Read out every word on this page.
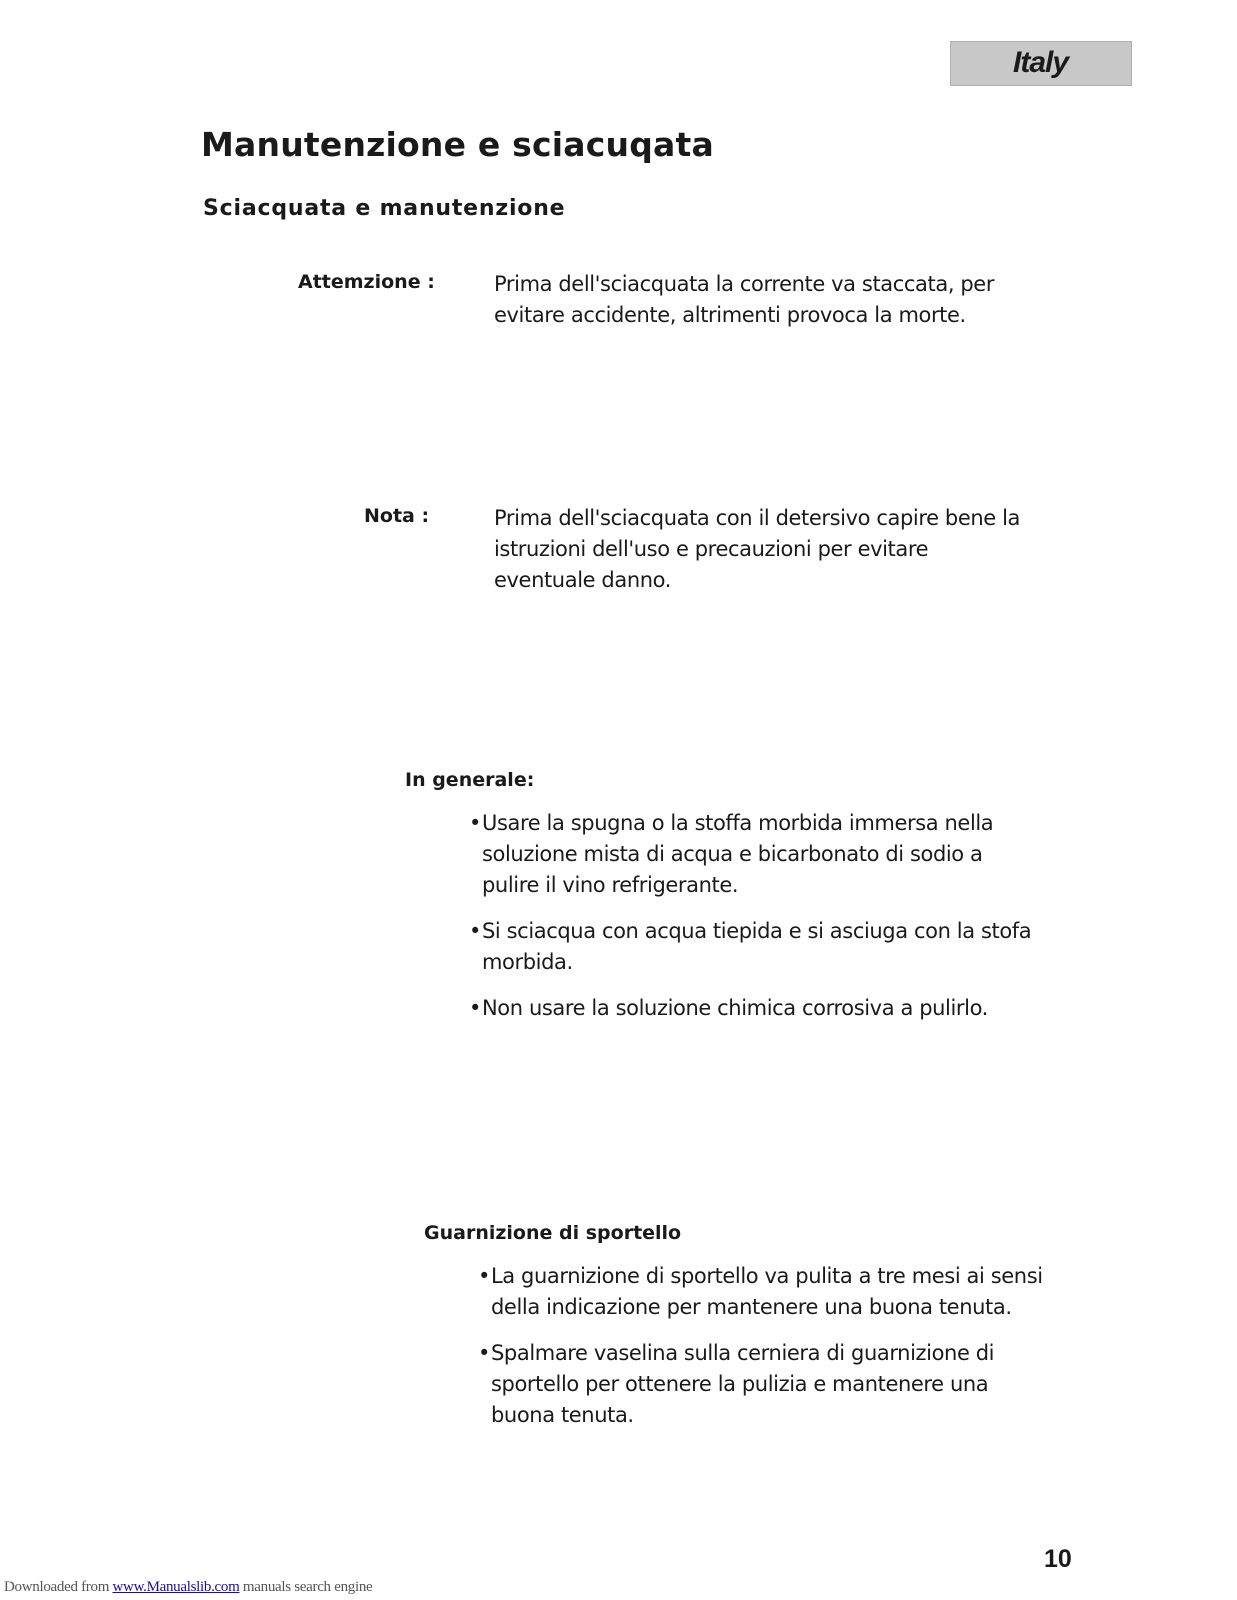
Italy
Manutenzione e sciacuqata
Sciacquata e manutenzione
Attemzione :	Prima dell'sciacquata la corrente va staccata, per evitare accidente, altrimenti provoca la morte.

Nota :	Prima dell'sciacquata con il detersivo capire bene la istruzioni dell'uso e precauzioni per evitare eventuale danno.

In generale:
• Usare la spugna o la stoffa morbida immersa nella soluzione mista di acqua e bicarbonato di sodio a pulire il vino refrigerante.
• Si sciacqua con acqua tiepida e si asciuga con la stofa morbida.
• Non usare la soluzione chimica corrosiva a pulirlo.
Guarnizione di sportello
• La guarnizione di sportello va pulita a tre mesi ai sensi della indicazione per mantenere una buona tenuta.
• Spalmare vaselina sulla cerniera di guarnizione di sportello per ottenere la pulizia e mantenere una buona tenuta.
10
Downloaded from www.Manualslib.com manuals search engine
